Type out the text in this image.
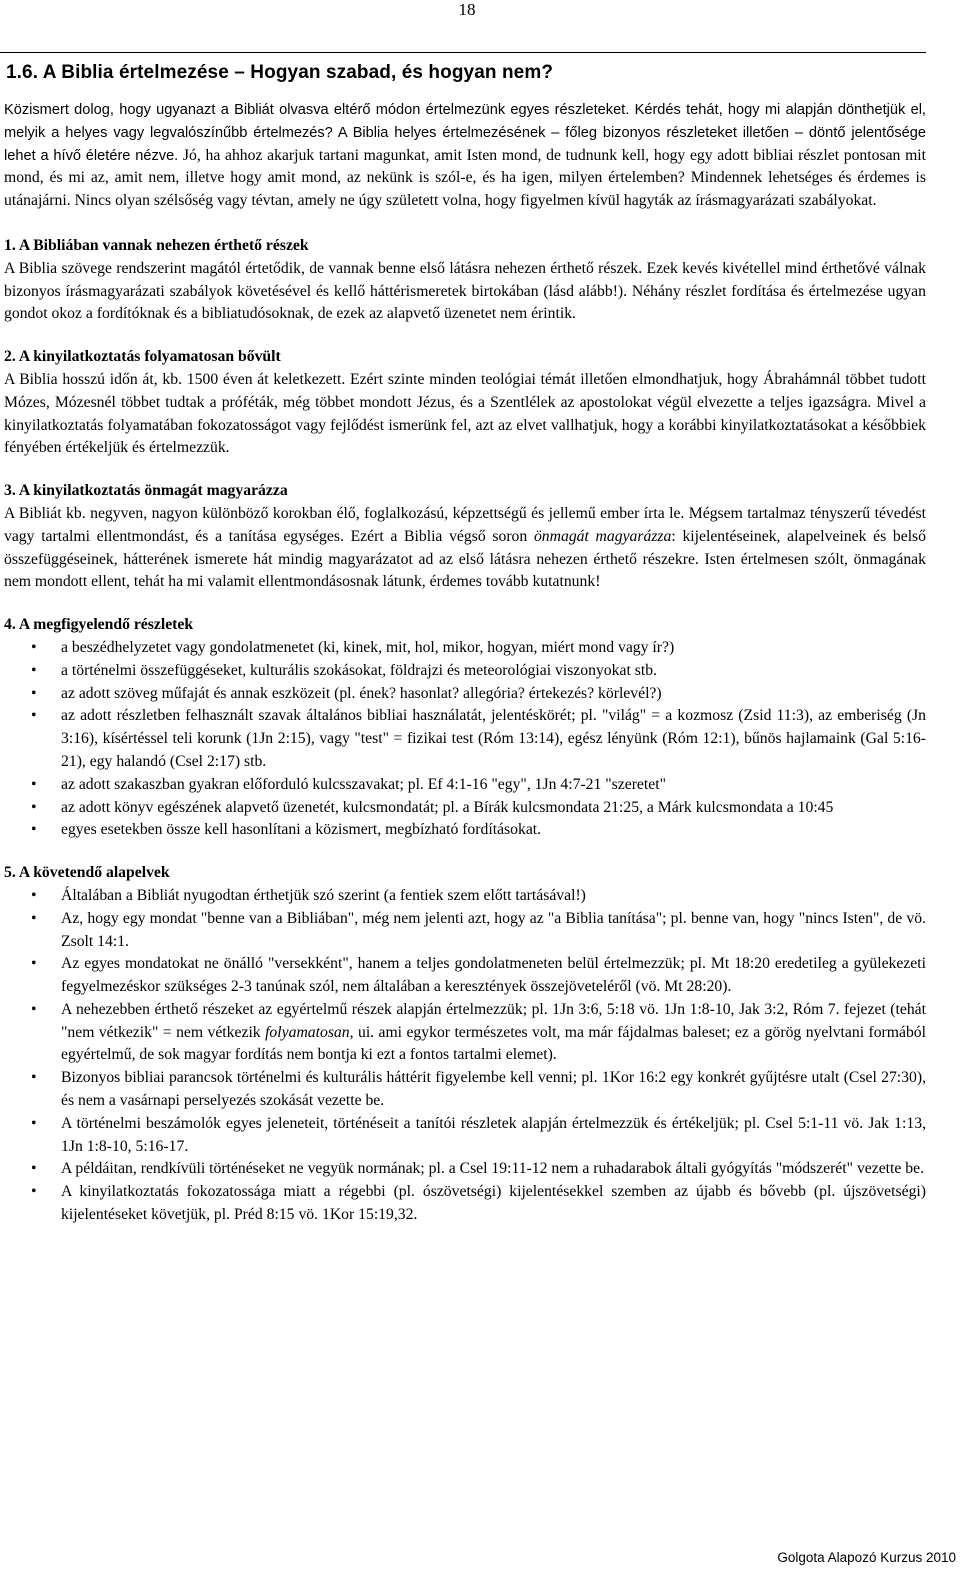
18
1.6. A Biblia értelmezése – Hogyan szabad, és hogyan nem?

Közismert dolog, hogy ugyanazt a Bibliát olvasva eltérő módon értelmezünk egyes részleteket. Kérdés tehát, hogy mi alapján dönthetjük el, melyik a helyes vagy legvalószínűbb értelmezés? A Biblia helyes értelmezésének – főleg bizonyos részleteket illetően – döntő jelentősége lehet a hívő életére nézve. Jó, ha ahhoz akarjuk tartani magunkat, amit Isten mond, de tudnunk kell, hogy egy adott bibliai részlet pontosan mit mond, és mi az, amit nem, illetve hogy amit mond, az nekünk is szól-e, és ha igen, milyen értelemben? Mindennek lehetséges és érdemes is utánajárni. Nincs olyan szélsőség vagy tévtan, amely ne úgy született volna, hogy figyelmen kívül hagyták az írásmagyarázati szabályokat.

1. A Bibliában vannak nehezen érthető részek

A Biblia szövege rendszerint magától értetődik, de vannak benne első látásra nehezen érthető részek. Ezek kevés kivétellel mind érthetővé válnak bizonyos írásmagyarázati szabályok követésével és kellő háttérismeretek birtokában (lásd alább!). Néhány részlet fordítása és értelmezése ugyan gondot okoz a fordítóknak és a bibliatudósoknak, de ezek az alapvető üzenetet nem érintik.

2. A kinyilatkoztatás folyamatosan bővült

A Biblia hosszú időn át, kb. 1500 éven át keletkezett. Ezért szinte minden teológiai témát illetően elmondhatjuk, hogy Ábrahámnál többet tudott Mózes, Mózesnél többet tudtak a próféták, még többet mondott Jézus, és a Szentlélek az apostolokat végül elvezette a teljes igazságra. Mivel a kinyilatkoztatás folyamatában fokozatosságot vagy fejlődést ismerünk fel, azt az elvet vallhatjuk, hogy a korábbi kinyilatkoztatásokat a későbbiek fényében értékeljük és értelmezzük.

3. A kinyilatkoztatás önmagát magyarázza

A Bibliát kb. negyven, nagyon különböző korokban élő, foglalkozású, képzettségű és jellemű ember írta le. Mégsem tartalmaz tényszerű tévedést vagy tartalmi ellentmondást, és a tanítása egységes. Ezért a Biblia végső soron önmagát magyarázza: kijelentéseinek, alapelveinek és belső összefüggéseinek, hátterének ismerete hát mindig magyarázatot ad az első látásra nehezen érthető részekre. Isten értelmesen szólt, önmagának nem mondott ellent, tehát ha mi valamit ellentmondásosnak látunk, érdemes tovább kutatnunk!

4. A megfigyelendő részletek
• a beszédhelyzetet vagy gondolatmenetet (ki, kinek, mit, hol, mikor, hogyan, miért mond vagy ír?)
• a történelmi összefüggéseket, kulturális szokásokat, földrajzi és meteorológiai viszonyokat stb.
• az adott szöveg műfaját és annak eszközeit (pl. ének? hasonlat? allegória? értekezés? körlevél?)
• az adott részletben felhasznált szavak általános bibliai használatát, jelentéskörét; pl. "világ" = a kozmosz (Zsid 11:3), az emberiség (Jn 3:16), kísértéssel teli korunk (1Jn 2:15), vagy "test" = fizikai test (Róm 13:14), egész lényünk (Róm 12:1), bűnös hajlamaink (Gal 5:16-21), egy halandó (Csel 2:17) stb.
• az adott szakaszban gyakran előforduló kulcsszavakat; pl. Ef 4:1-16 "egy", 1Jn 4:7-21 "szeretet"
• az adott könyv egészének alapvető üzenetét, kulcsmondatát; pl. a Bírák kulcsmondata 21:25, a Márk kulcsmondata a 10:45
• egyes esetekben össze kell hasonlítani a közismert, megbízható fordításokat.
5. A követendő alapelvek
• Általában a Bibliát nyugodtan érthetjük szó szerint (a fentiek szem előtt tartásával!)
• Az, hogy egy mondat "benne van a Bibliában", még nem jelenti azt, hogy az "a Biblia tanítása"; pl. benne van, hogy "nincs Isten", de vö. Zsolt 14:1.
• Az egyes mondatokat ne önálló "versekként", hanem a teljes gondolatmeneten belül értelmezzük; pl. Mt 18:20 eredetileg a gyülekezeti fegyelmezéskor szükséges 2-3 tanúnak szól, nem általában a keresztények összejöveteléről (vö. Mt 28:20).
• A nehezebben érthető részeket az egyértelmű részek alapján értelmezzük; pl. 1Jn 3:6, 5:18 vö. 1Jn 1:8-10, Jak 3:2, Róm 7. fejezet (tehát "nem vétkezik" = nem vétkezik folyamatosan, ui. ami egykor természetes volt, ma már fájdalmas baleset; ez a görög nyelvtani formából egyértelmű, de sok magyar fordítás nem bontja ki ezt a fontos tartalmi elemet).
• Bizonyos bibliai parancsok történelmi és kulturális háttérit figyelembe kell venni; pl. 1Kor 16:2 egy konkrét gyűjtésre utalt (Csel 27:30), és nem a vasárnapi perselyezés szokását vezette be.
• A történelmi beszámolók egyes jeleneteit, történéseit a tanítói részletek alapján értelmezzük és értékeljük; pl. Csel 5:1-11 vö. Jak 1:13, 1Jn 1:8-10, 5:16-17.
• A példáitan, rendkívüli történéseket ne vegyük normának; pl. a Csel 19:11-12 nem a ruhadarabok általi gyógyítás "módszerét" vezette be.
• A kinyilatkoztatás fokozatossága miatt a régebbi (pl. ószövetségi) kijelentésekkel szemben az újabb és bővebb (pl. újszövetségi) kijelentéseket követjük, pl. Préd 8:15 vö. 1Kor 15:19,32.
Golgota Alapozó Kurzus 2010
